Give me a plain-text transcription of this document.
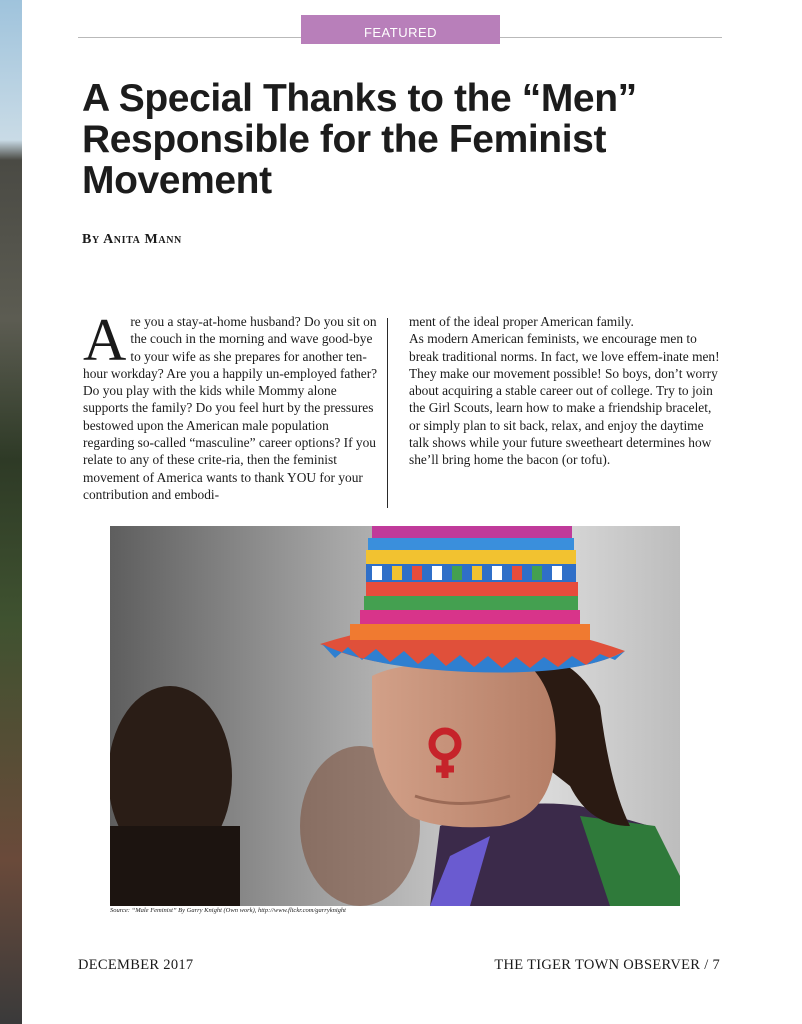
FEATURED
A Special Thanks to the “Men” Responsible for the Feminist Movement
By Anita Mann

Are you a stay-at-home husband? Do you sit on the couch in the morning and wave good-bye to your wife as she prepares for another ten-hour workday? Are you a happily un-employed father? Do you play with the kids while Mommy alone supports the family? Do you feel hurt by the pressures bestowed upon the American male population regarding so-called “masculine” career options? If you relate to any of these crite-ria, then the feminist movement of America wants to thank YOU for your contribution and embodi-

ment of the ideal proper American family.

As modern American feminists, we encourage men to break traditional norms. In fact, we love effem-inate men! They make our movement possible! So boys, don’t worry about acquiring a stable career out of college. Try to join the Girl Scouts, learn how to make a friendship bracelet, or simply plan to sit back, relax, and enjoy the daytime talk shows while your future sweetheart determines how she’ll bring home the bacon (or tofu).

Source: “Male Feminist” By Garry Knight (Own work), http://www.flickr.com/garryknight
DECEMBER 2017	THE TIGER TOWN OBSERVER / 7
